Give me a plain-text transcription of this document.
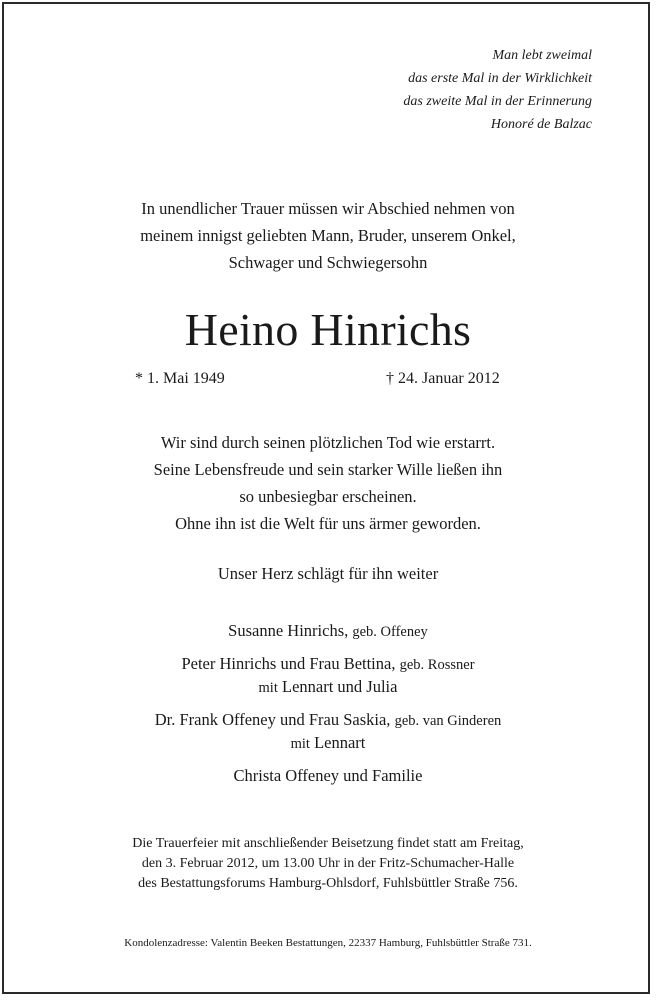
Man lebt zweimal
das erste Mal in der Wirklichkeit
das zweite Mal in der Erinnerung
Honoré de Balzac
In unendlicher Trauer müssen wir Abschied nehmen von
meinem innigst geliebten Mann, Bruder, unserem Onkel,
Schwager und Schwiegersohn
Heino Hinrichs
* 1. Mai 1949	† 24. Januar 2012
Wir sind durch seinen plötzlichen Tod wie erstarrt.
Seine Lebensfreude und sein starker Wille ließen ihn
so unbesiegbar erscheinen.
Ohne ihn ist die Welt für uns ärmer geworden.
Unser Herz schlägt für ihn weiter
Susanne Hinrichs, geb. Offeney
Peter Hinrichs und Frau Bettina, geb. Rossner
mit Lennart und Julia
Dr. Frank Offeney und Frau Saskia, geb. van Ginderen
mit Lennart
Christa Offeney und Familie
Die Trauerfeier mit anschließender Beisetzung findet statt am Freitag,
den 3. Februar 2012, um 13.00 Uhr in der Fritz-Schumacher-Halle
des Bestattungsforums Hamburg-Ohlsdorf, Fuhlsbüttler Straße 756.
Kondolenzadresse: Valentin Beeken Bestattungen, 22337 Hamburg, Fuhlsbüttler Straße 731.
